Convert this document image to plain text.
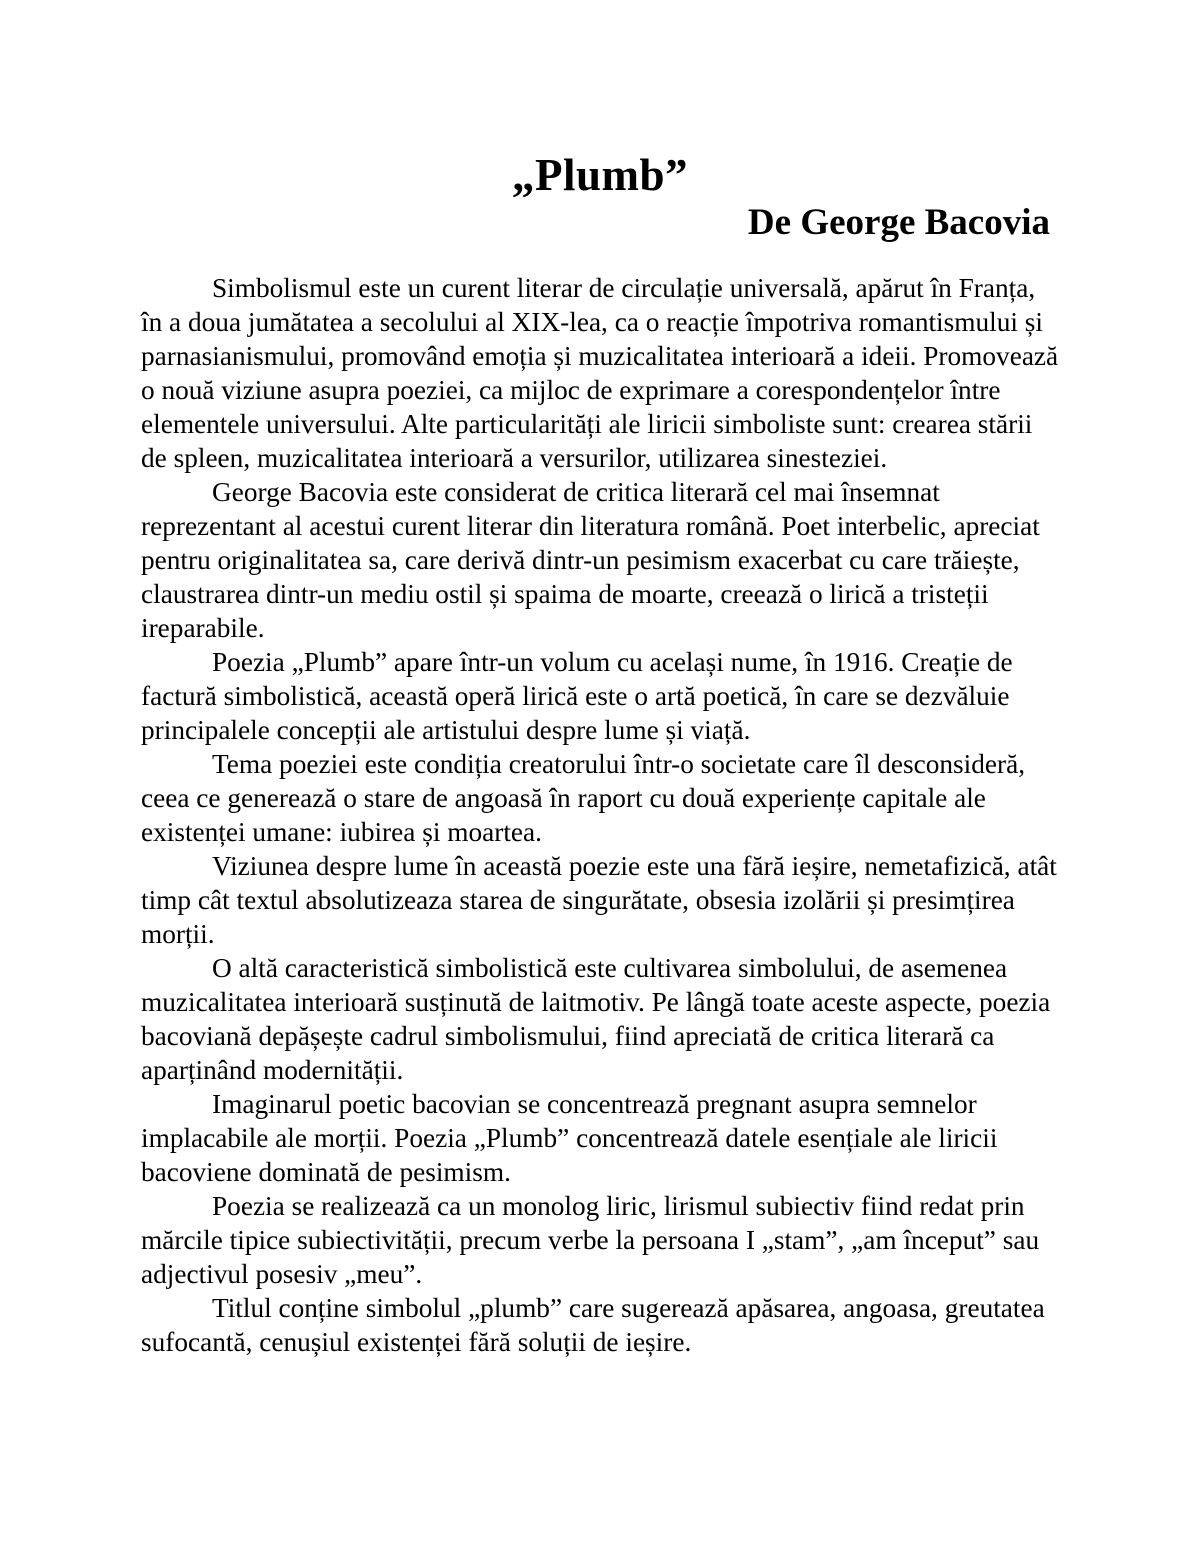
„Plumb”
De George Bacovia

Simbolismul este un curent literar de circulație universală, apărut în Franța, în a doua jumătatea a secolului al XIX-lea, ca o reacție împotriva romantismului și parnasianismului, promovând emoția și muzicalitatea interioară a ideii. Promovează o nouă viziune asupra poeziei, ca mijloc de exprimare a corespondențelor între elementele universului. Alte particularități ale liricii simboliste sunt: crearea stării de spleen, muzicalitatea interioară a versurilor, utilizarea sinesteziei.

George Bacovia este considerat de critica literară cel mai însemnat reprezentant al acestui curent literar din literatura română. Poet interbelic, apreciat pentru originalitatea sa, care derivă dintr-un pesimism exacerbat cu care trăiește, claustrarea dintr-un mediu ostil și spaima de moarte, creează o lirică a tristeții ireparabile.

Poezia „Plumb” apare într-un volum cu același nume, în 1916. Creație de factură simbolistică, această operă lirică este o artă poetică, în care se dezvăluie principalele concepții ale artistului despre lume și viață.

Tema poeziei este condiția creatorului într-o societate care îl desconsideră, ceea ce generează o stare de angoasă în raport cu două experiențe capitale ale existenței umane: iubirea și moartea.

Viziunea despre lume în această poezie este una fără ieșire, nemetafizică, atât timp cât textul absolutizeaza starea de singurătate, obsesia izolării și presimțirea morții.

O altă caracteristică simbolistică este cultivarea simbolului, de asemenea muzicalitatea interioară susținută de laitmotiv. Pe lângă toate aceste aspecte, poezia bacoviană depășește cadrul simbolismului, fiind apreciată de critica literară ca aparținând modernității.

Imaginarul poetic bacovian se concentrează pregnant asupra semnelor implacabile ale morții. Poezia „Plumb” concentrează datele esențiale ale liricii bacoviene dominată de pesimism.

Poezia se realizează ca un monolog liric, lirismul subiectiv fiind redat prin mărcile tipice subiectivității, precum verbe la persoana I „stam”, „am început” sau adjectivul posesiv „meu”.

Titlul conține simbolul „plumb” care sugerează apăsarea, angoasa, greutatea sufocantă, cenușiul existenței fără soluții de ieșire.
